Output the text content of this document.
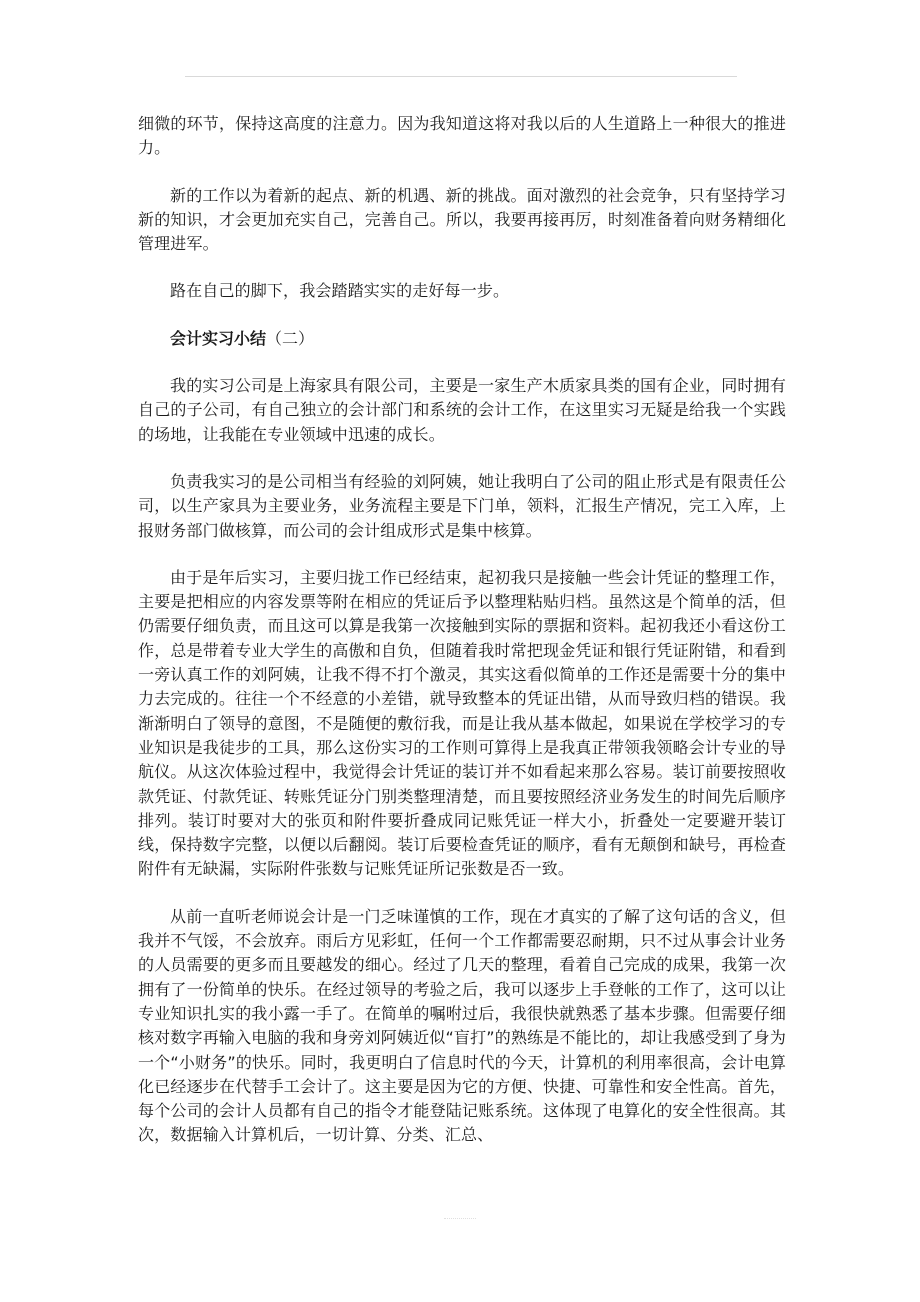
细微的环节，保持这高度的注意力。因为我知道这将对我以后的人生道路上一种很大的推进力。

新的工作以为着新的起点、新的机遇、新的挑战。面对激烈的社会竞争，只有坚持学习新的知识，才会更加充实自己，完善自己。所以，我要再接再厉，时刻准备着向财务精细化管理进军。

路在自己的脚下，我会踏踏实实的走好每一步。

会计实习小结（二）

我的实习公司是上海家具有限公司，主要是一家生产木质家具类的国有企业，同时拥有自己的子公司，有自己独立的会计部门和系统的会计工作，在这里实习无疑是给我一个实践的场地，让我能在专业领域中迅速的成长。

负责我实习的是公司相当有经验的刘阿姨，她让我明白了公司的阻止形式是有限责任公司，以生产家具为主要业务，业务流程主要是下门单，领料，汇报生产情况，完工入库，上报财务部门做核算，而公司的会计组成形式是集中核算。

由于是年后实习，主要归拢工作已经结束，起初我只是接触一些会计凭证的整理工作，主要是把相应的内容发票等附在相应的凭证后予以整理粘贴归档。虽然这是个简单的活，但仍需要仔细负责，而且这可以算是我第一次接触到实际的票据和资料。起初我还小看这份工作，总是带着专业大学生的高傲和自负，但随着我时常把现金凭证和银行凭证附错，和看到一旁认真工作的刘阿姨，让我不得不打个激灵，其实这看似简单的工作还是需要十分的集中力去完成的。往往一个不经意的小差错，就导致整本的凭证出错，从而导致归档的错误。我渐渐明白了领导的意图，不是随便的敷衍我，而是让我从基本做起，如果说在学校学习的专业知识是我徒步的工具，那么这份实习的工作则可算得上是我真正带领我领略会计专业的导航仪。从这次体验过程中，我觉得会计凭证的装订并不如看起来那么容易。装订前要按照收款凭证、付款凭证、转账凭证分门别类整理清楚，而且要按照经济业务发生的时间先后顺序排列。装订时要对大的张页和附件要折叠成同记账凭证一样大小，折叠处一定要避开装订线，保持数字完整，以便以后翻阅。装订后要检查凭证的顺序，看有无颠倒和缺号，再检查附件有无缺漏，实际附件张数与记账凭证所记张数是否一致。

从前一直听老师说会计是一门乏味谨慎的工作，现在才真实的了解了这句话的含义，但我并不气馁，不会放弃。雨后方见彩虹，任何一个工作都需要忍耐期，只不过从事会计业务的人员需要的更多而且要越发的细心。经过了几天的整理，看着自己完成的成果，我第一次拥有了一份简单的快乐。在经过领导的考验之后，我可以逐步上手登帐的工作了，这可以让专业知识扎实的我小露一手了。在简单的嘱咐过后，我很快就熟悉了基本步骤。但需要仔细核对数字再输入电脑的我和身旁刘阿姨近似“盲打”的熟练是不能比的，却让我感受到了身为一个“小财务”的快乐。同时，我更明白了信息时代的今天，计算机的利用率很高，会计电算化已经逐步在代替手工会计了。这主要是因为它的方便、快捷、可靠性和安全性高。首先，每个公司的会计人员都有自己的指令才能登陆记账系统。这体现了电算化的安全性很高。其次，数据输入计算机后，一切计算、分类、汇总、
